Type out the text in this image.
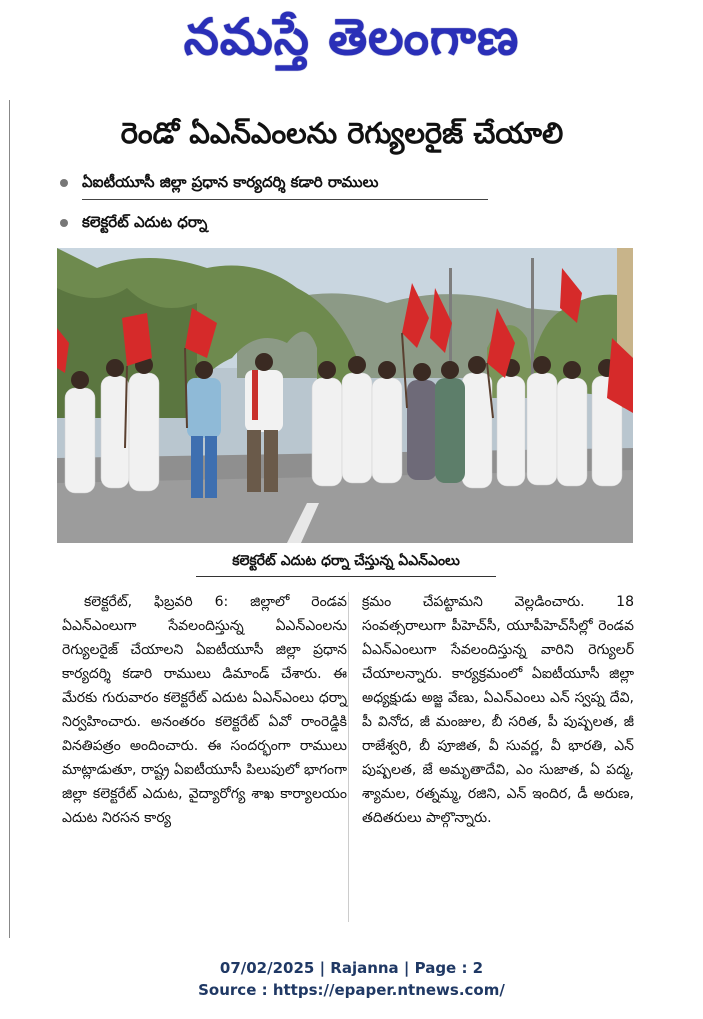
నమస్తే తెలంగాణ
రెండో ఏఎన్‌ఎంలను రెగ్యులరైజ్ చేయాలి
ఏఐటీయూసీ జిల్లా ప్రధాన కార్యదర్శి కడారి రాములు
కలెక్టరేట్ ఎదుట ధర్నా
కలెక్టరేట్ ఎదుట ధర్నా చేస్తున్న ఏఎన్‌ఎంలు
కలెక్టరేట్, ఫిబ్రవరి 6: జిల్లాలో రెండవ ఏఎన్‌ఎంలుగా సేవలందిస్తున్న ఏఎన్‌ఎంలను రెగ్యులరైజ్ చేయాలని ఏఐటీయూసీ జిల్లా ప్రధాన కార్యదర్శి కడారి రాములు డిమాండ్ చేశారు. ఈ మేరకు గురువారం కలెక్టరేట్ ఎదుట ఏఎన్‌ఎంలు ధర్నా నిర్వహించారు. అనంతరం కలెక్టరేట్ ఏవో రాంరెడ్డికి వినతిపత్రం అందించారు. ఈ సందర్భంగా రాములు మాట్లాడుతూ, రాష్ట్ర ఏఐటీయూసీ పిలుపులో భాగంగా జిల్లా కలెక్టరేట్ ఎదుట, వైద్యారోగ్య శాఖ కార్యాలయం ఎదుట నిరసన కార్య
క్రమం చేపట్టామని వెల్లడించారు. 18 సంవత్సరాలుగా పీహెచ్‌సీ, యూపీహెచ్‌సీల్లో రెండవ ఏఎన్‌ఎంలుగా సేవలందిస్తున్న వారిని రెగ్యులర్ చేయాలన్నారు. కార్యక్రమంలో ఏఐటీయూసీ జిల్లా అధ్యక్షుడు అజ్జ వేణు, ఏఎన్‌ఎంలు ఎన్ స్వప్న దేవి, పీ వినోద, జీ మంజుల, బీ సరిత, పీ పుష్పలత, జీ రాజేశ్వరి, బీ పూజిత, వీ సువర్ణ, వీ భారతి, ఎన్ పుష్పలత, జే అమృతాదేవి, ఎం సుజాత, ఏ పద్మ, శ్యామల, రత్నమ్మ, రజిని, ఎన్ ఇందిర, డీ అరుణ, తదితరులు పాల్గొన్నారు.
07/02/2025 | Rajanna | Page : 2
Source : https://epaper.ntnews.com/
